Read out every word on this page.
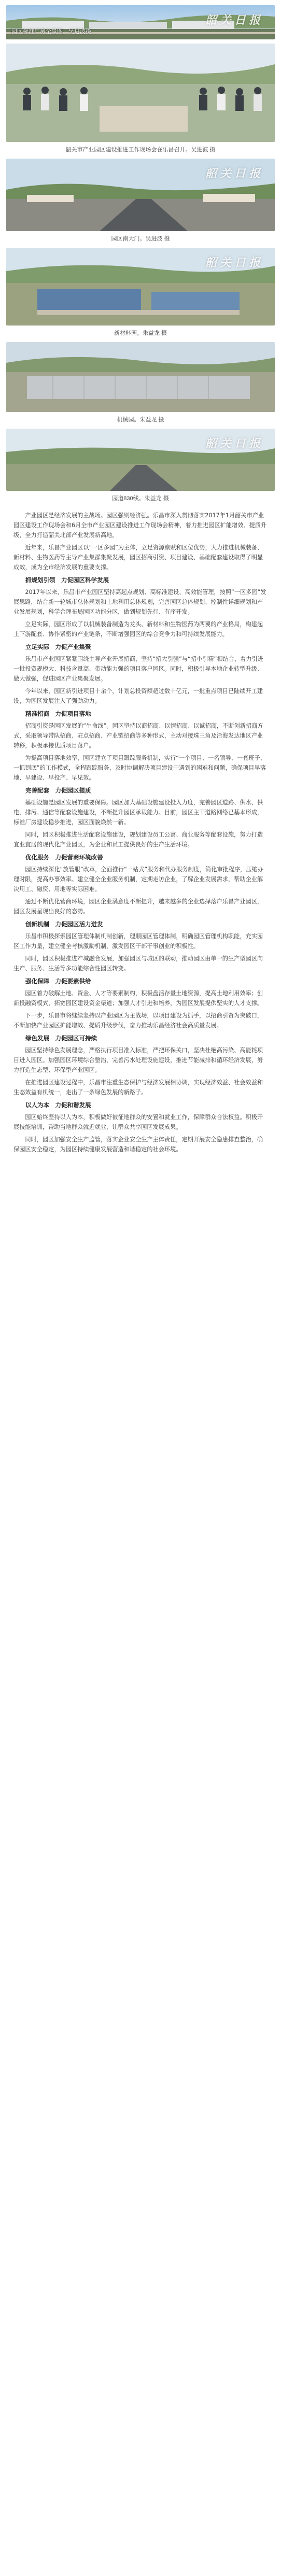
韶关日报
园区标准厂房全景图。吴进波摄
韶关市产业园区建设推进工作现场会在乐昌召开。吴进波 摄
韶关日报
园区南大门。吴进波 摄
韶关日报
新材料园。朱益龙 摄
机械园。朱益龙 摄
韶关日报
园道830线。朱益龙 摄

产业园区是经济发展的主战场。园区强则经济强。乐昌市深入贯彻落实2017年1月韶关市产业园区建设工作现场会和6月全市产业园区建设推进工作现场会精神，着力推进园区扩能增效、提质升级，全力打造韶关北部产业发展新高地。

近年来，乐昌产业园区以“一区多园”为主体，立足资源禀赋和区位优势，大力推进机械装备、新材料、生物医药等主导产业集群集聚发展，园区招商引资、项目建设、基础配套建设取得了明显成效，成为全市经济发展的重要支撑。

抓规划引领　力促园区科学发展

2017年以来，乐昌市产业园区坚持高起点规划、高标准建设、高效能管理，按照“一区多园”发展思路，结合新一轮城市总体规划和土地利用总体规划，完善园区总体规划、控制性详细规划和产业发展规划，科学合理布局园区功能分区，做到规划先行、有序开发。

立足实际，园区形成了以机械装备制造为龙头、新材料和生物医药为两翼的产业格局，构建起上下游配套、协作紧密的产业链条，不断增强园区的综合竞争力和可持续发展能力。

立足实际　力促产业集聚

乐昌市产业园区紧紧围绕主导产业开展招商，坚持“招大引强”与“招小引精”相结合，着力引进一批投资规模大、科技含量高、带动能力强的项目落户园区。同时，积极引导本地企业转型升级、做大做强，促进园区产业集聚发展。

今年以来，园区新引进项目十余个，计划总投资额超过数十亿元，一批重点项目已陆续开工建设，为园区发展注入了强劲动力。

精准招商　力促项目落地

招商引资是园区发展的“生命线”。园区坚持以商招商、以情招商、以诚招商，不断创新招商方式，采取领导带队招商、驻点招商、产业链招商等多种形式，主动对接珠三角及沿海发达地区产业转移，积极承接优质项目落户。

为提高项目落地效率，园区建立了项目跟踪服务机制，实行“一个项目、一名领导、一套班子、一抓到底”的工作模式，全程跟踪服务，及时协调解决项目建设中遇到的困难和问题，确保项目早落地、早建设、早投产、早见效。

完善配套　力促园区提质

基础设施是园区发展的重要保障。园区加大基础设施建设投入力度，完善园区道路、供水、供电、排污、通信等配套设施建设，不断提升园区承载能力。目前，园区主干道路网络已基本形成，标准厂房建设稳步推进，园区面貌焕然一新。

同时，园区积极推进生活配套设施建设，规划建设员工公寓、商业服务等配套设施，努力打造宜业宜居的现代化产业园区，为企业和员工提供良好的生产生活环境。

优化服务　力促营商环境改善

园区持续深化“放管服”改革，全面推行“一站式”服务和代办服务制度，简化审批程序，压缩办理时限，提高办事效率。建立健全企业服务机制，定期走访企业，了解企业发展需求，帮助企业解决用工、融资、用地等实际困难。

通过不断优化营商环境，园区企业满意度不断提升，越来越多的企业选择落户乐昌产业园区，园区发展呈现出良好的态势。

创新机制　力促园区活力迸发

乐昌市积极探索园区管理体制机制创新，理顺园区管理体制，明确园区管理机构职能，充实园区工作力量，建立健全考核激励机制，激发园区干部干事创业的积极性。

同时，园区积极推进产城融合发展，加强园区与城区的联动，推动园区由单一的生产型园区向生产、服务、生活等多功能综合性园区转变。

强化保障　力促要素供给

园区着力破解土地、资金、人才等要素制约，积极盘活存量土地资源，提高土地利用效率；创新投融资模式，拓宽园区建设资金渠道；加强人才引进和培养，为园区发展提供坚实的人才支撑。

下一步，乐昌市将继续坚持以产业园区为主战场，以项目建设为抓手，以招商引资为突破口，不断加快产业园区扩能增效、提质升级步伐，奋力推动乐昌经济社会高质量发展。

绿色发展　力促园区可持续

园区坚持绿色发展理念，严格执行项目准入标准，严把环保关口，坚决杜绝高污染、高能耗项目进入园区。加强园区环境综合整治，完善污水处理设施建设，推进节能减排和循环经济发展，努力打造生态型、环保型产业园区。

在推进园区建设过程中，乐昌市注重生态保护与经济发展相协调，实现经济效益、社会效益和生态效益有机统一，走出了一条绿色发展的新路子。

以人为本　力促和谐发展

园区始终坚持以人为本，积极做好被征地群众的安置和就业工作，保障群众合法权益。积极开展技能培训，帮助当地群众就近就业，让群众共享园区发展成果。

同时，园区加强安全生产监管，落实企业安全生产主体责任，定期开展安全隐患排查整治，确保园区安全稳定，为园区持续健康发展营造和谐稳定的社会环境。
